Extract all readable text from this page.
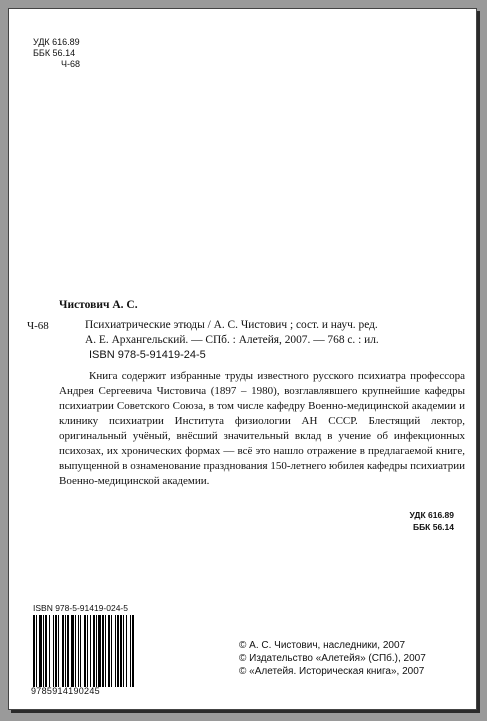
УДК 616.89
ББК 56.14
Ч-68
Чистович А. С.
Ч-68	Психиатрические этюды / А. С. Чистович ; сост. и науч. ред.
А. Е. Архангельский. — СПб. : Алетейя, 2007. — 768 с. : ил.
ISBN 978-5-91419-24-5

Книга содержит избранные труды известного русского психиатра профессора Андрея Сергеевича Чистовича (1897 – 1980), возглавлявшего крупнейшие кафедры психиатрии Советского Союза, в том числе кафедру Военно-медицинской академии и клинику психиатрии Института физиологии АН СССР. Блестящий лектор, оригинальный учёный, внёсший значительный вклад в учение об инфекционных психозах, их хронических формах — всё это нашло отражение в предлагаемой книге, выпущенной в ознаменование празднования 150-летнего юбилея кафедры психиатрии Военно-медицинской академии.

УДК 616.89
ББК 56.14
ISBN 978-5-91419-024-5
9785914190245
© А. С. Чистович, наследники, 2007
© Издательство «Алетейя» (СПб.), 2007
© «Алетейя. Историческая книга», 2007
